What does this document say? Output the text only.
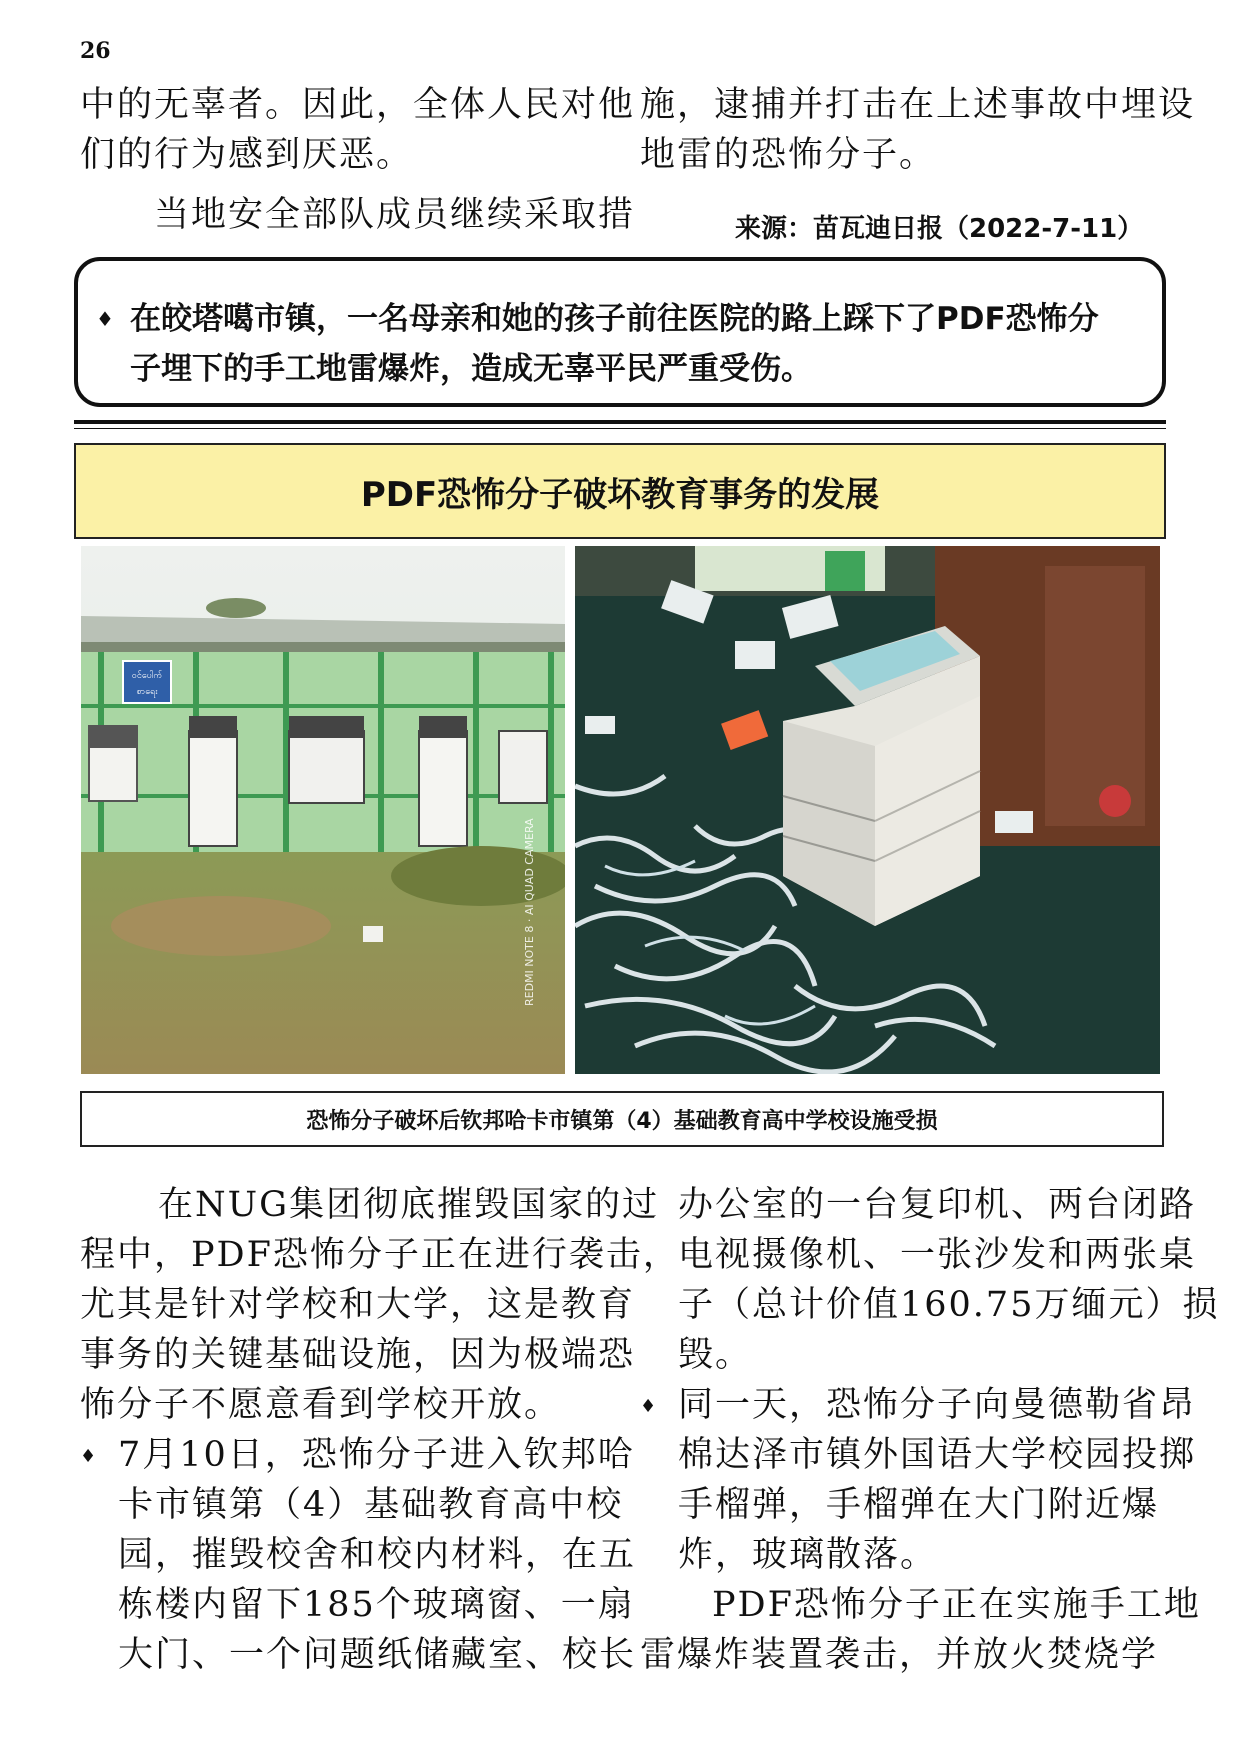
26
中的无辜者。因此，全体人民对他
们的行为感到厌恶。
当地安全部队成员继续采取措
施，逮捕并打击在上述事故中埋设
地雷的恐怖分子。
来源：苗瓦迪日报（2022-7-11）
♦ 在皎塔噶市镇，一名母亲和她的孩子前往医院的路上踩下了PDF恐怖分
子埋下的手工地雷爆炸，造成无辜平民严重受伤。
PDF恐怖分子破坏教育事务的发展
ဝင်ပေါက်
စာရေး
REDMI NOTE 8 · AI QUAD CAMERA
恐怖分子破坏后钦邦哈卡市镇第（4）基础教育高中学校设施受损
在NUG集团彻底摧毁国家的过
程中，PDF恐怖分子正在进行袭击，
尤其是针对学校和大学，这是教育
事务的关键基础设施，因为极端恐
怖分子不愿意看到学校开放。
♦ 7月10日，恐怖分子进入钦邦哈
卡市镇第（4）基础教育高中校
园，摧毁校舍和校内材料，在五
栋楼内留下185个玻璃窗、一扇
大门、一个问题纸储藏室、校长
办公室的一台复印机、两台闭路
电视摄像机、一张沙发和两张桌
子（总计价值160.75万缅元）损
毁。
♦ 同一天，恐怖分子向曼德勒省昂
棉达泽市镇外国语大学校园投掷
手榴弹，手榴弹在大门附近爆
炸，玻璃散落。
PDF恐怖分子正在实施手工地
雷爆炸装置袭击，并放火焚烧学
